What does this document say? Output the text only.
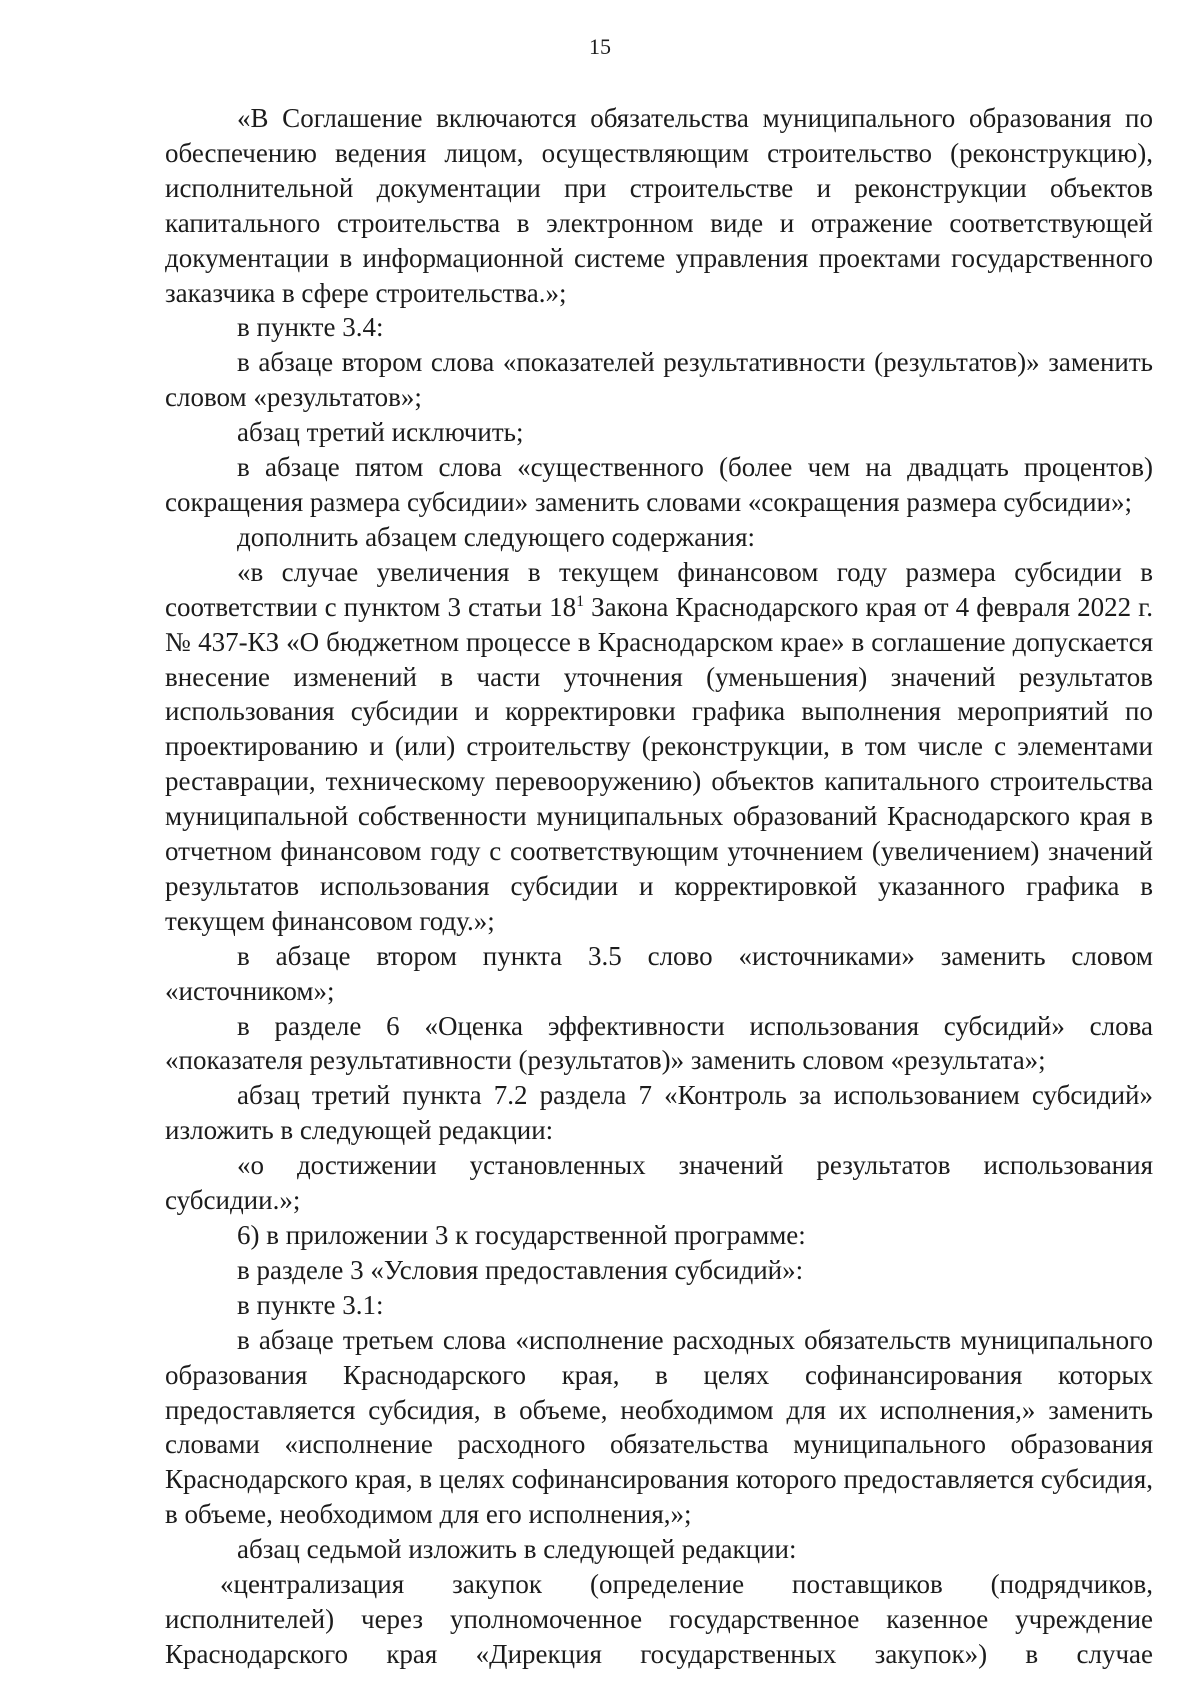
15

«В Соглашение включаются обязательства муниципального образования по обеспечению ведения лицом, осуществляющим строительство (реконструкцию), исполнительной документации при строительстве и реконструкции объектов капитального строительства в электронном виде и отражение соответствующей документации в информационной системе управления проектами государственного заказчика в сфере строительства.»;

в пункте 3.4:

в абзаце втором слова «показателей результативности (результатов)» заменить словом «результатов»;

абзац третий исключить;

в абзаце пятом слова «существенного (более чем на двадцать процентов) сокращения размера субсидии» заменить словами «сокращения размера субсидии»;

дополнить абзацем следующего содержания:

«в случае увеличения в текущем финансовом году размера субсидии в соответствии с пунктом 3 статьи $18^1$ Закона Краснодарского края от 4 февраля 2022 г. № 437-КЗ «О бюджетном процессе в Краснодарском крае» в соглашение допускается внесение изменений в части уточнения (уменьшения) значений результатов использования субсидии и корректировки графика выполнения мероприятий по проектированию и (или) строительству (реконструкции, в том числе с элементами реставрации, техническому перевооружению) объектов капитального строительства муниципальной собственности муниципальных образований Краснодарского края в отчетном финансовом году с соответствующим уточнением (увеличением) значений результатов использования субсидии и корректировкой указанного графика в текущем финансовом году.»;

в абзаце втором пункта 3.5 слово «источниками» заменить словом «источником»;

в разделе 6 «Оценка эффективности использования субсидий» слова «показателя результативности (результатов)» заменить словом «результата»;

абзац третий пункта 7.2 раздела 7 «Контроль за использованием субсидий» изложить в следующей редакции:

«о достижении установленных значений результатов использования субсидии.»;

6) в приложении 3 к государственной программе:

в разделе 3 «Условия предоставления субсидий»:

в пункте 3.1:

в абзаце третьем слова «исполнение расходных обязательств муниципального образования Краснодарского края, в целях софинансирования которых предоставляется субсидия, в объеме, необходимом для их исполнения,» заменить словами «исполнение расходного обязательства муниципального образования Краснодарского края, в целях софинансирования которого предоставляется субсидия, в объеме, необходимом для его исполнения,»;

абзац седьмой изложить в следующей редакции:

«централизация закупок (определение поставщиков (подрядчиков, исполнителей) через уполномоченное государственное казенное учреждение Краснодарского края «Дирекция государственных закупок») в случае
